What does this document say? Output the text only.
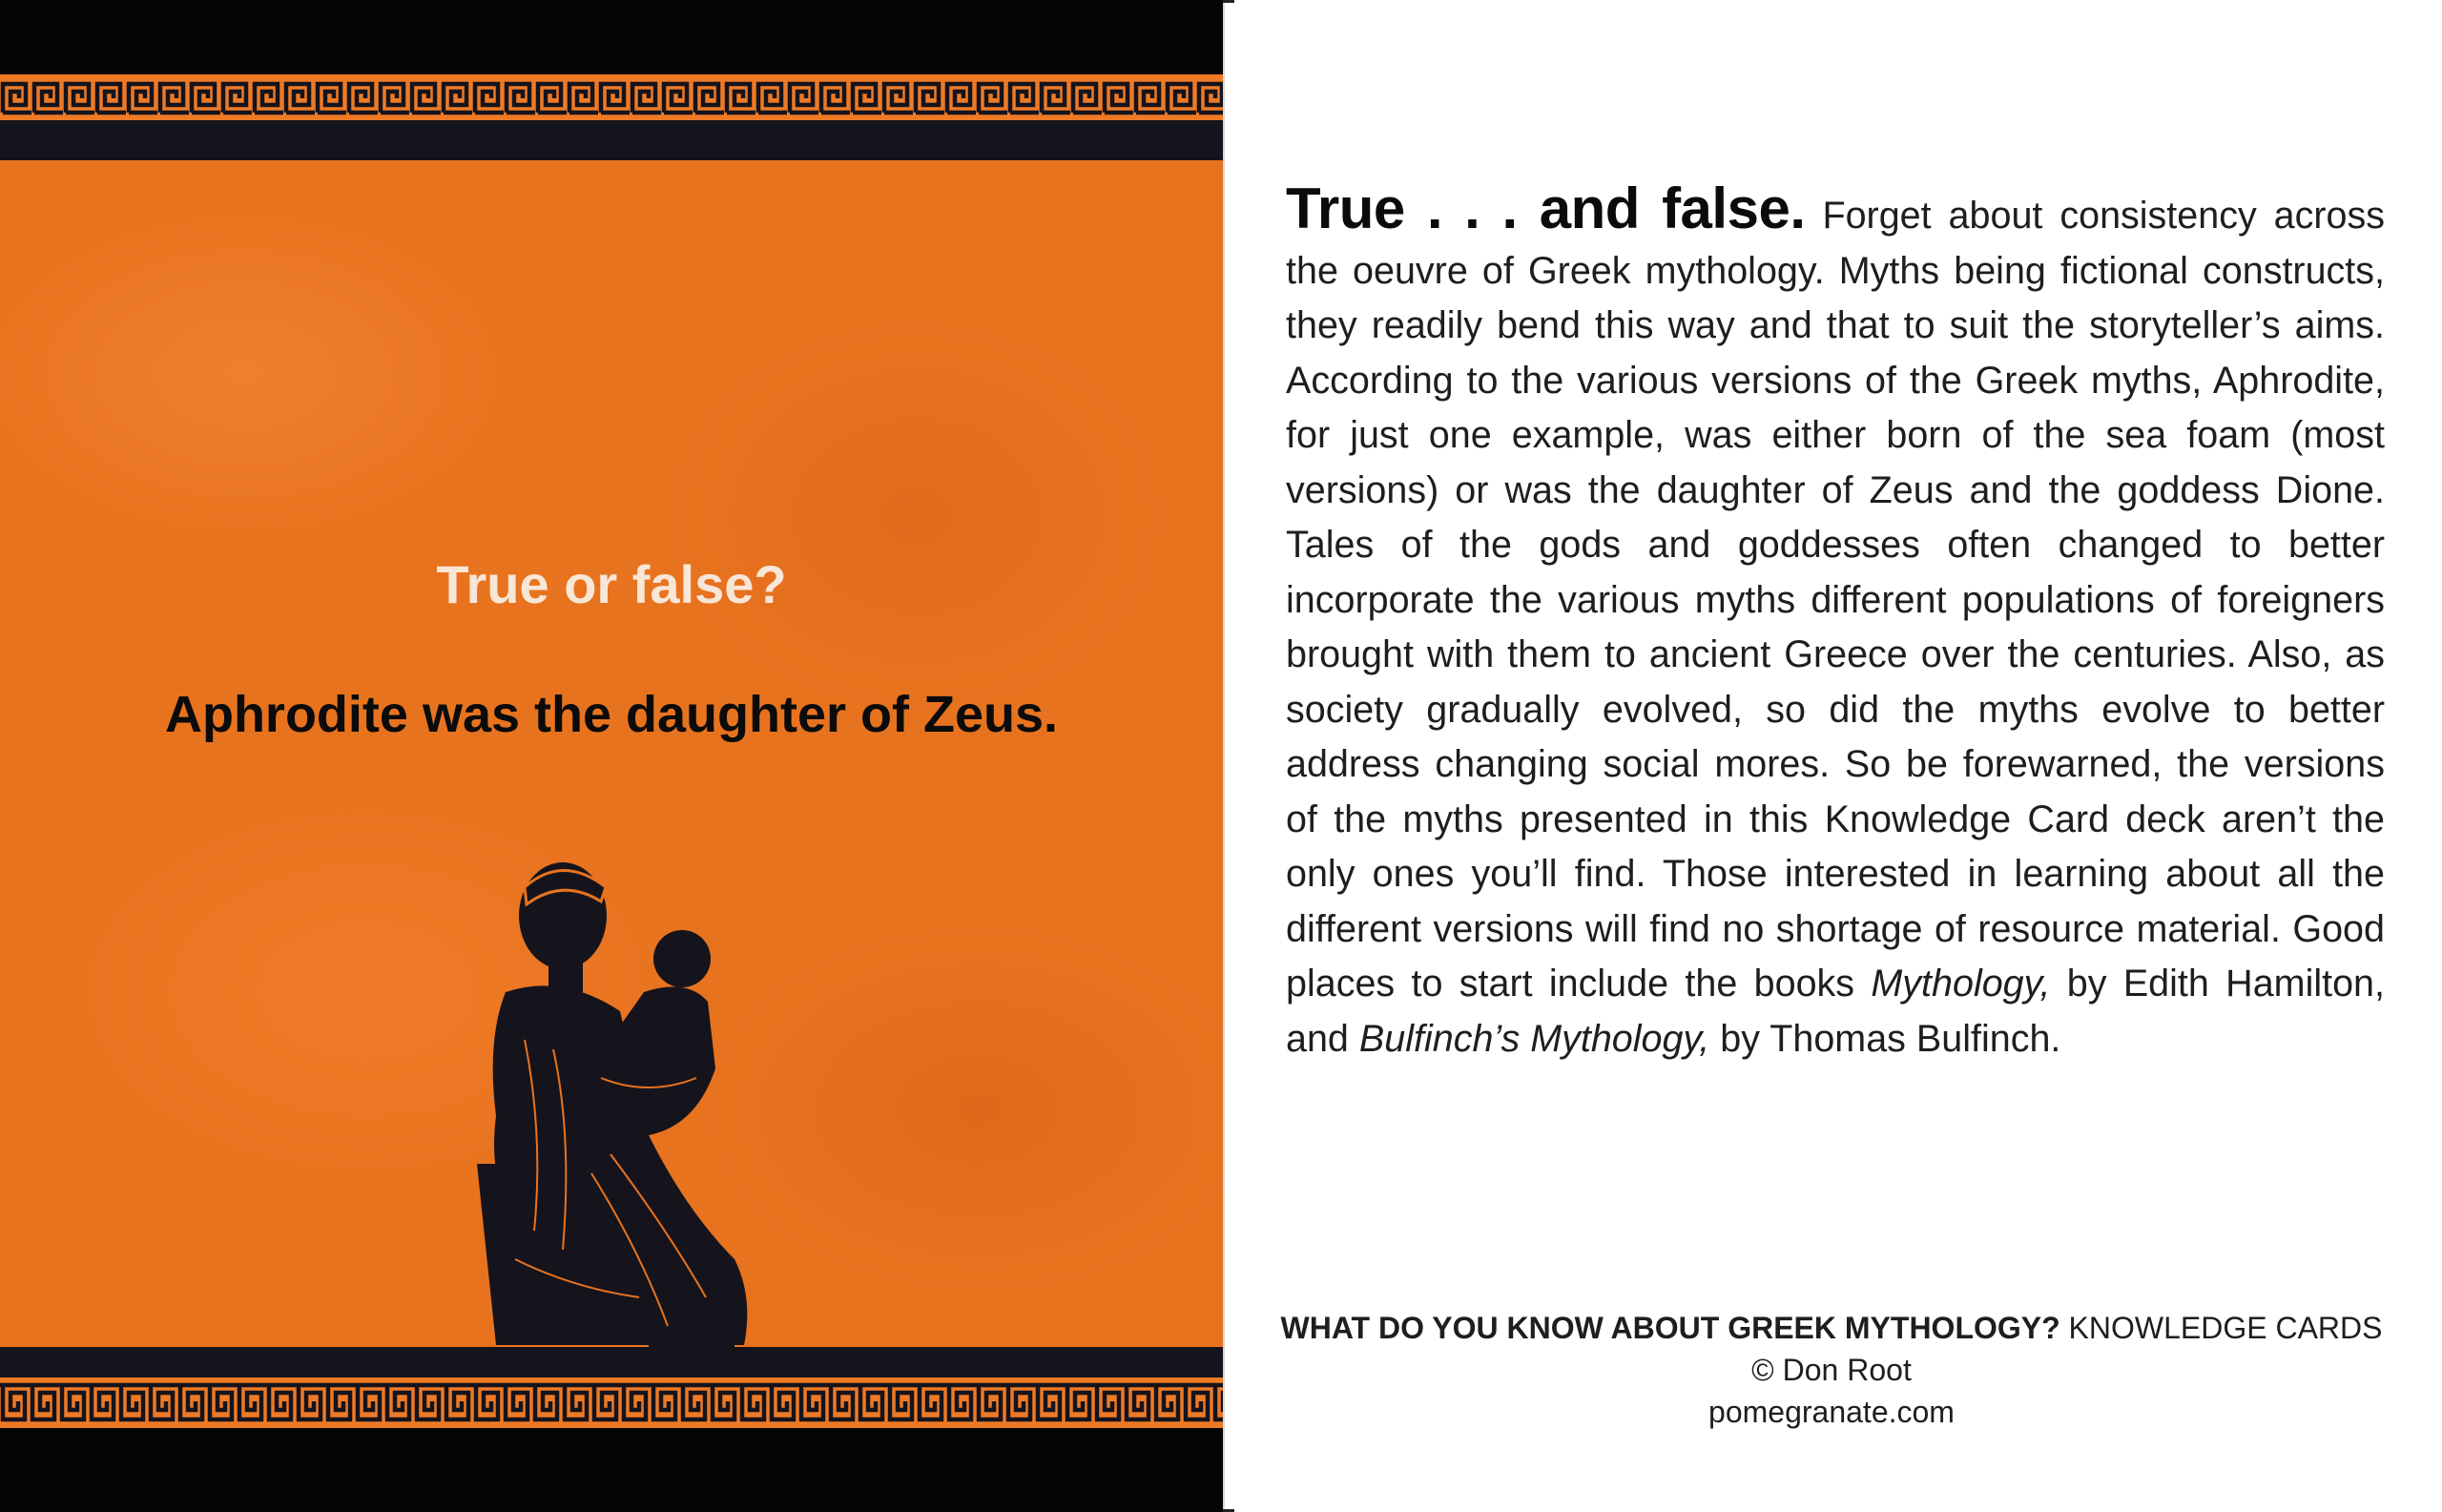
True or false?
Aphrodite was the daughter of Zeus.

True . . . and false. Forget about consistency across the oeuvre of Greek mythology. Myths being fictional constructs, they readily bend this way and that to suit the storyteller’s aims. According to the various versions of the Greek myths, Aphrodite, for just one example, was either born of the sea foam (most versions) or was the daughter of Zeus and the goddess Dione. Tales of the gods and goddesses often changed to better incorporate the various myths different populations of foreigners brought with them to ancient Greece over the centuries. Also, as society gradually evolved, so did the myths evolve to better address changing social mores. So be forewarned, the versions of the myths presented in this Knowledge Card deck aren’t the only ones you’ll find. Those interested in learning about all the different versions will find no shortage of resource material. Good places to start include the books Mythology, by Edith Hamilton, and Bulfinch’s Mythology, by Thomas Bulfinch.

WHAT DO YOU KNOW ABOUT GREEK MYTHOLOGY? KNOWLEDGE CARDS
© Don Root
pomegranate.com
